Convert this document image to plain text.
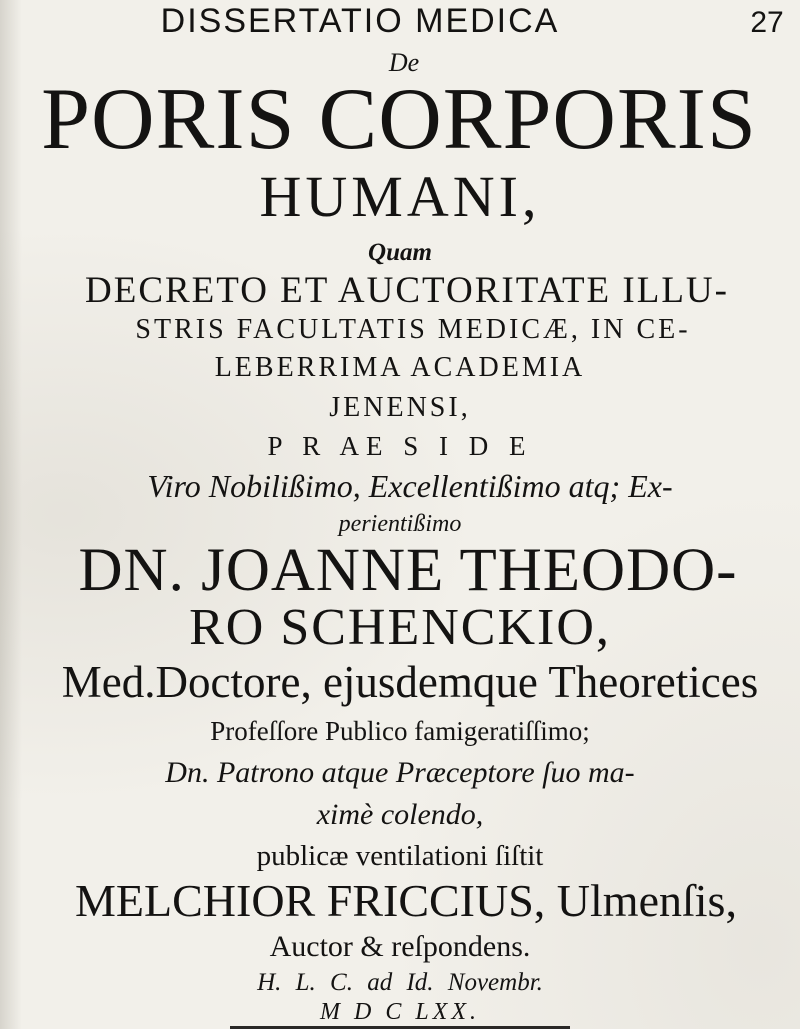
DISSERTATIO MEDICA	27
De
PORIS CORPORIS
HUMANI,
Quam
DECRETO ET AUCTORITATE ILLU-
STRIS FACULTATIS MEDICÆ, IN CE-
LEBERRIMA ACADEMIA
JENENSI,
P R AE S I D E
Viro Nobilißimo, Excellentißimo atq; Ex-
perientißimo
DN. JOANNE THEODO-
RO SCHENCKIO,
Med.Doctore, ejusdemque Theoretices
Profeſſore Publico famigeratiſſimo;
Dn. Patrono atque Præceptore ſuo ma-
ximè colendo,
publicæ ventilationi ſiſtit
MELCHIOR FRICCIUS, Ulmenſis,
Auctor & reſpondens.
H. L. C. ad Id. Novembr.
M D C LXX.
